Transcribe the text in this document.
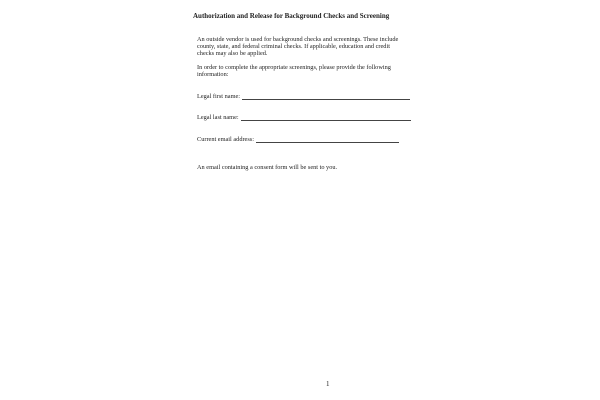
Authorization and Release for Background Checks and Screening
An outside vendor is used for background checks and screenings. These include county, state, and federal criminal checks. If applicable, education and credit checks may also be applied.
In order to complete the appropriate screenings, please provide the following information:
Legal first name:
Legal last name:
Current email address:
An email containing a consent form will be sent to you.
1
